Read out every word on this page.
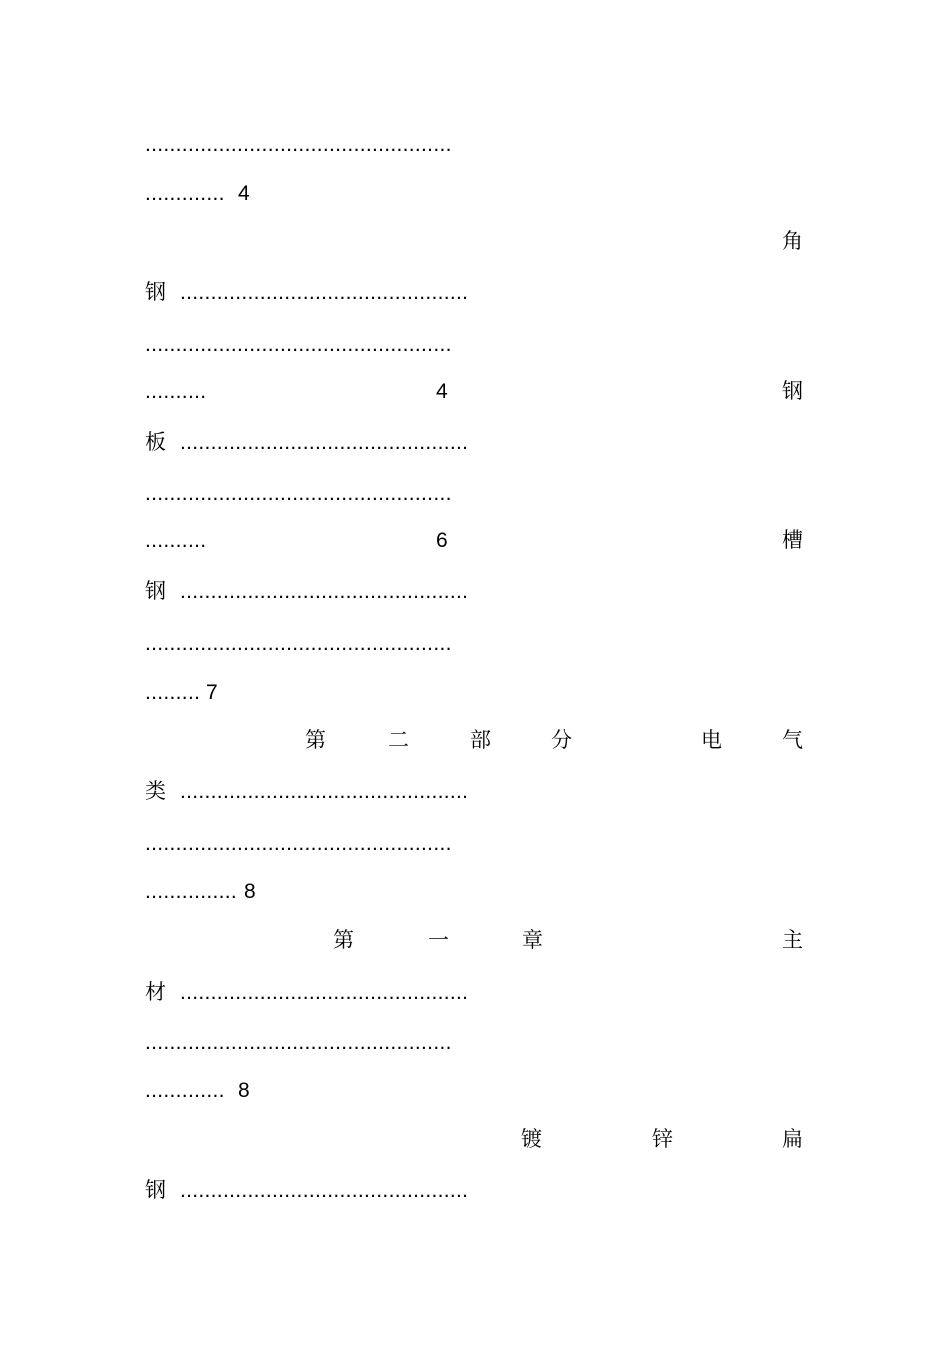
..................................................
............. 4
角
钢 ...............................................
..................................................
..........	4	钢
板 ...............................................
..................................................
..........	6	槽
钢 ...............................................
..................................................
......... 7
第	二	部	分	电	气
类 ...............................................
..................................................
............... 8
第	一	章	主
材 ...............................................
..................................................
............. 8
镀	锌	扁
钢 ...............................................
